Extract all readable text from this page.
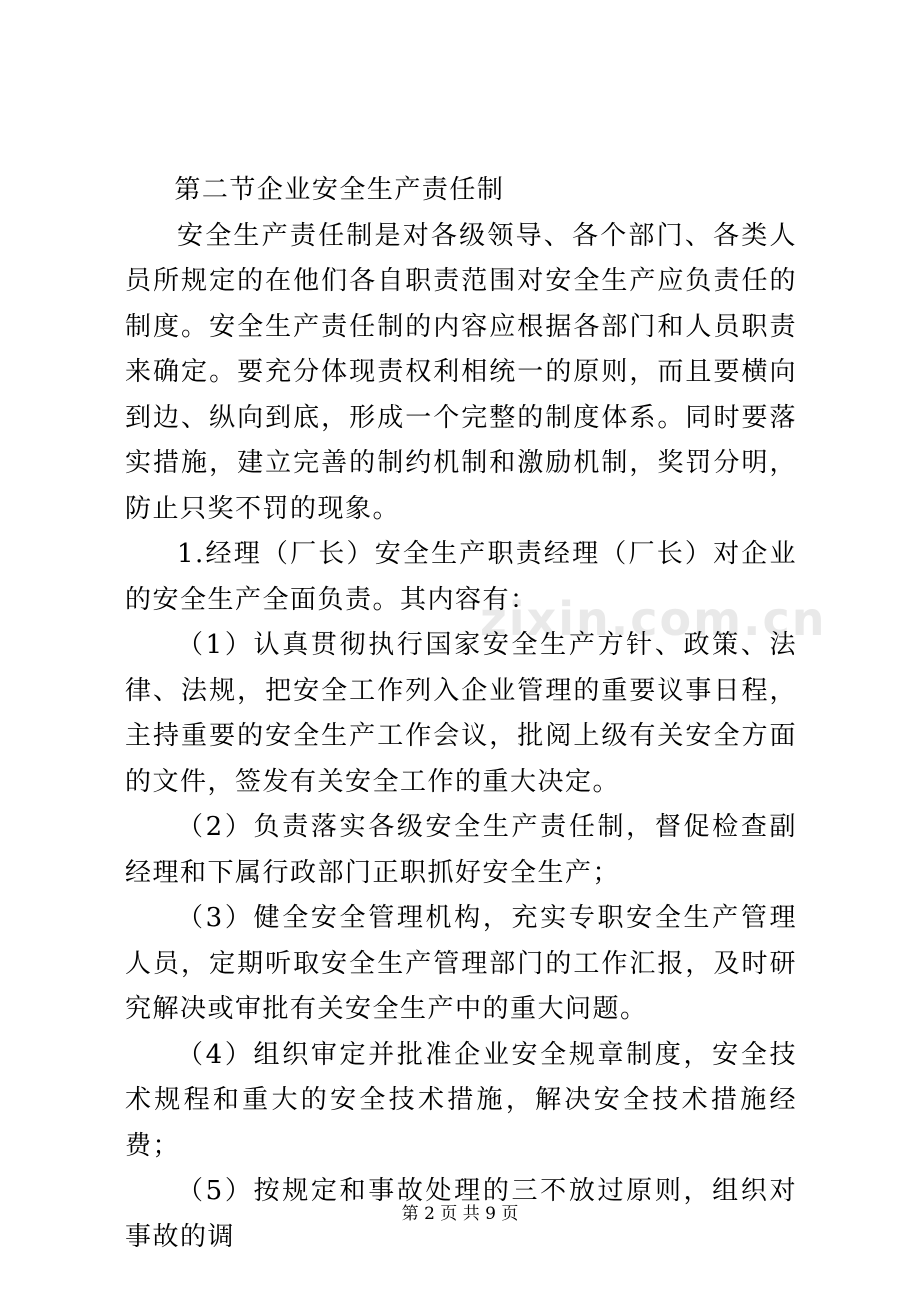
zixin.com.cn

第二节企业安全生产责任制

安全生产责任制是对各级领导、各个部门、各类人员所规定的在他们各自职责范围对安全生产应负责任的制度。安全生产责任制的内容应根据各部门和人员职责来确定。要充分体现责权利相统一的原则，而且要横向到边、纵向到底，形成一个完整的制度体系。同时要落实措施，建立完善的制约机制和激励机制，奖罚分明，防止只奖不罚的现象。

1.经理（厂长）安全生产职责经理（厂长）对企业的安全生产全面负责。其内容有：

（1）认真贯彻执行国家安全生产方针、政策、法律、法规，把安全工作列入企业管理的重要议事日程，主持重要的安全生产工作会议，批阅上级有关安全方面的文件，签发有关安全工作的重大决定。

（2）负责落实各级安全生产责任制，督促检查副经理和下属行政部门正职抓好安全生产；

（3）健全安全管理机构，充实专职安全生产管理人员，定期听取安全生产管理部门的工作汇报，及时研究解决或审批有关安全生产中的重大问题。

（4）组织审定并批准企业安全规章制度，安全技术规程和重大的安全技术措施，解决安全技术措施经费；

（5）按规定和事故处理的三不放过原则，组织对事故的调

第 2 页 共 9 页
